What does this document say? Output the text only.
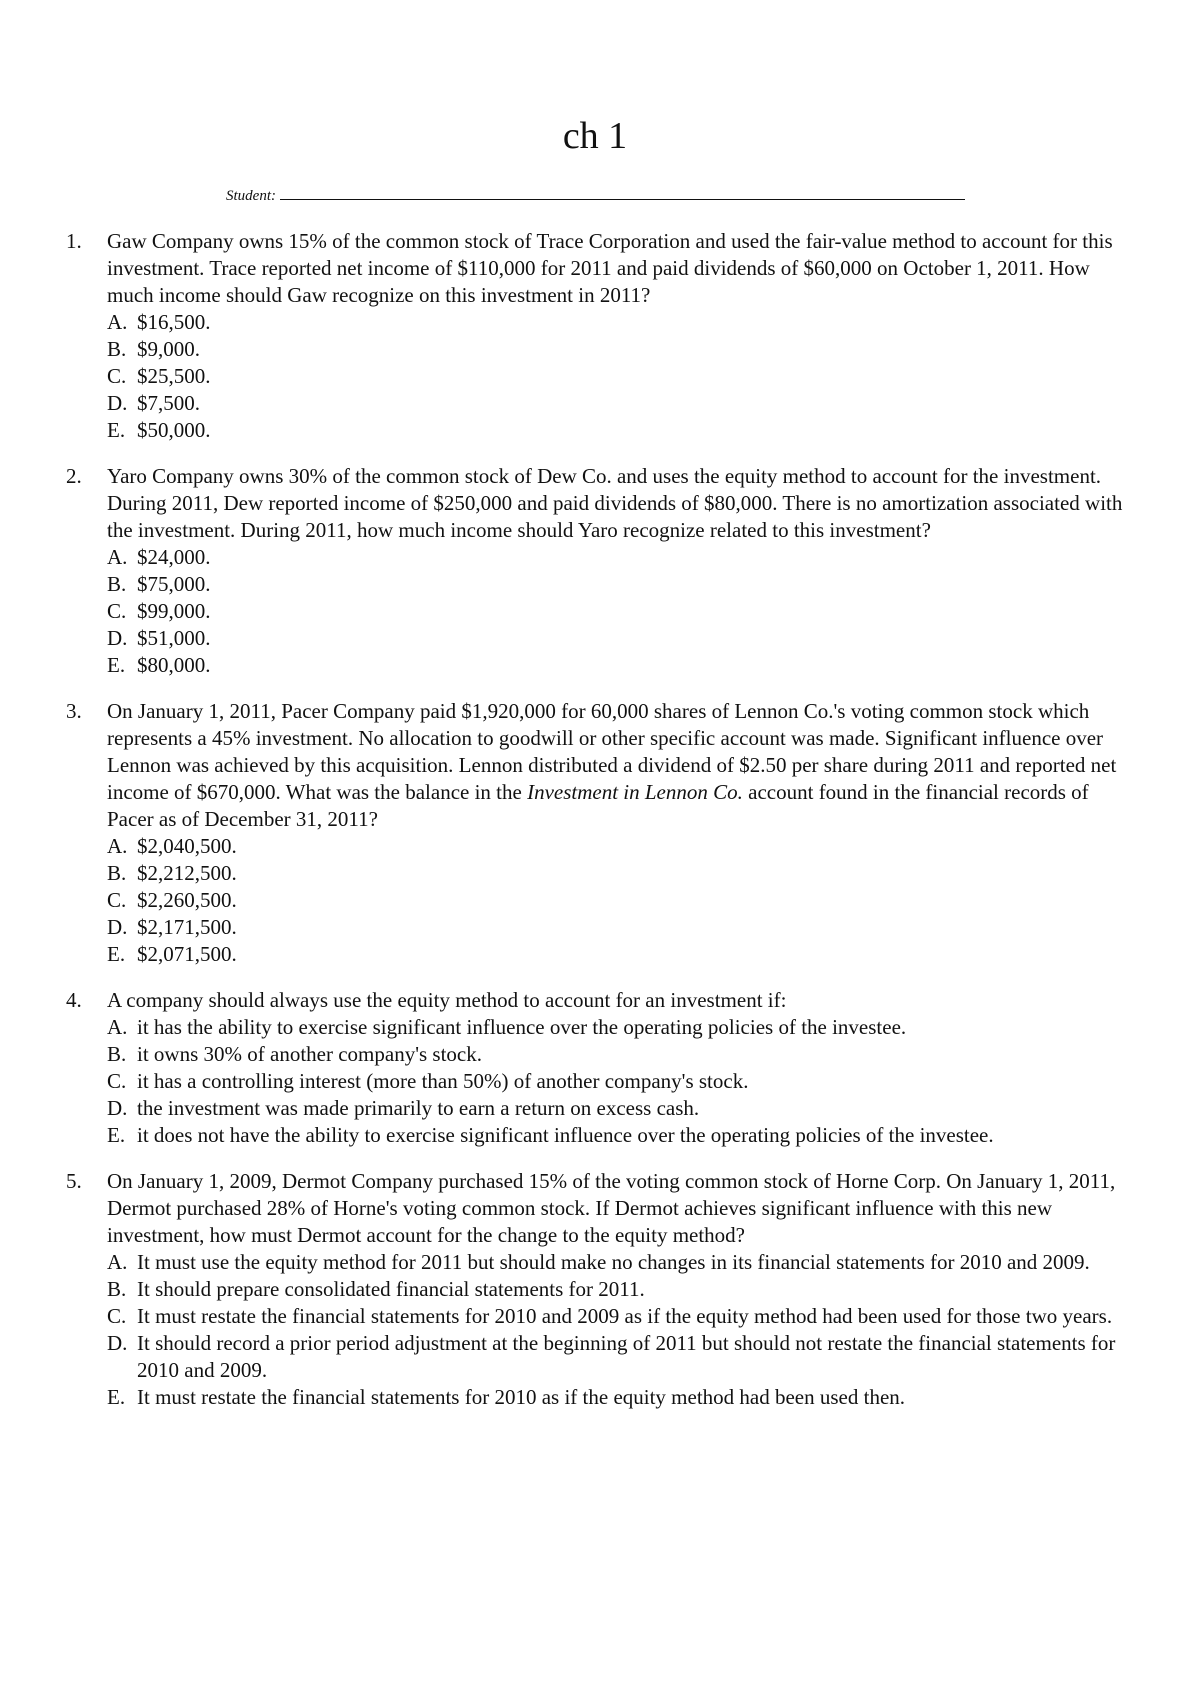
ch 1
Student:
1. Gaw Company owns 15% of the common stock of Trace Corporation and used the fair-value method to account for this investment. Trace reported net income of $110,000 for 2011 and paid dividends of $60,000 on October 1, 2011. How much income should Gaw recognize on this investment in 2011?
A. $16,500.
B. $9,000.
C. $25,500.
D. $7,500.
E. $50,000.
2. Yaro Company owns 30% of the common stock of Dew Co. and uses the equity method to account for the investment. During 2011, Dew reported income of $250,000 and paid dividends of $80,000. There is no amortization associated with the investment. During 2011, how much income should Yaro recognize related to this investment?
A. $24,000.
B. $75,000.
C. $99,000.
D. $51,000.
E. $80,000.
3. On January 1, 2011, Pacer Company paid $1,920,000 for 60,000 shares of Lennon Co.'s voting common stock which represents a 45% investment. No allocation to goodwill or other specific account was made. Significant influence over Lennon was achieved by this acquisition. Lennon distributed a dividend of $2.50 per share during 2011 and reported net income of $670,000. What was the balance in the Investment in Lennon Co. account found in the financial records of Pacer as of December 31, 2011?
A. $2,040,500.
B. $2,212,500.
C. $2,260,500.
D. $2,171,500.
E. $2,071,500.
4. A company should always use the equity method to account for an investment if:
A. it has the ability to exercise significant influence over the operating policies of the investee.
B. it owns 30% of another company's stock.
C. it has a controlling interest (more than 50%) of another company's stock.
D. the investment was made primarily to earn a return on excess cash.
E. it does not have the ability to exercise significant influence over the operating policies of the investee.
5. On January 1, 2009, Dermot Company purchased 15% of the voting common stock of Horne Corp. On January 1, 2011, Dermot purchased 28% of Horne's voting common stock. If Dermot achieves significant influence with this new investment, how must Dermot account for the change to the equity method?
A. It must use the equity method for 2011 but should make no changes in its financial statements for 2010 and 2009.
B. It should prepare consolidated financial statements for 2011.
C. It must restate the financial statements for 2010 and 2009 as if the equity method had been used for those two years.
D. It should record a prior period adjustment at the beginning of 2011 but should not restate the financial statements for 2010 and 2009.
E. It must restate the financial statements for 2010 as if the equity method had been used then.
